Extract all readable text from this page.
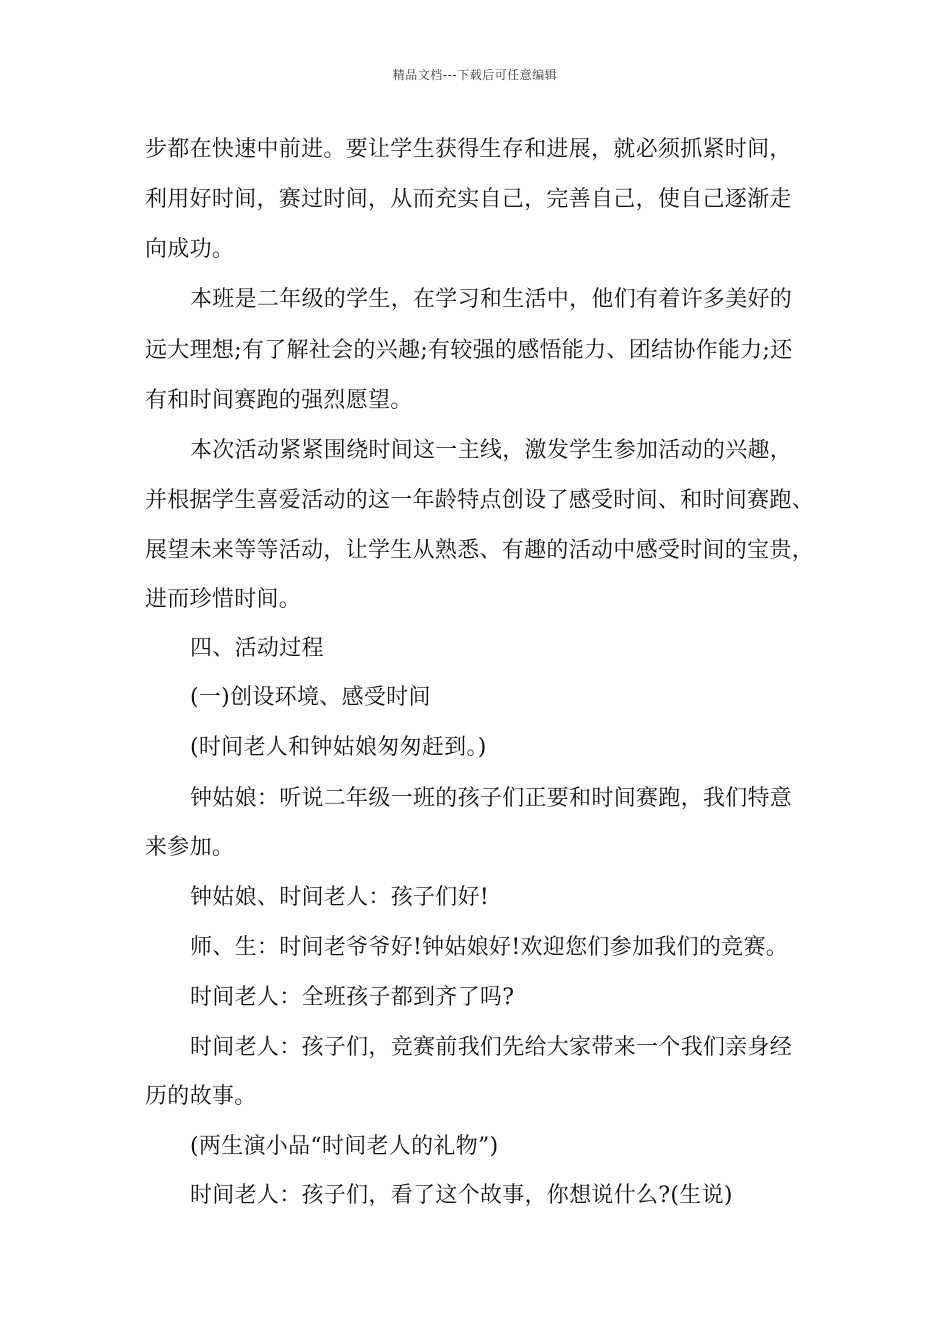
精品文档---下载后可任意编辑
步都在快速中前进。要让学生获得生存和进展，就必须抓紧时间，
利用好时间，赛过时间，从而充实自己，完善自己，使自己逐渐走
向成功。
本班是二年级的学生，在学习和生活中，他们有着许多美好的
远大理想;有了解社会的兴趣;有较强的感悟能力、团结协作能力;还
有和时间赛跑的强烈愿望。
本次活动紧紧围绕时间这一主线，激发学生参加活动的兴趣，
并根据学生喜爱活动的这一年龄特点创设了感受时间、和时间赛跑、
展望未来等等活动，让学生从熟悉、有趣的活动中感受时间的宝贵，
进而珍惜时间。
四、活动过程
(一)创设环境、感受时间
(时间老人和钟姑娘匆匆赶到。)
钟姑娘：听说二年级一班的孩子们正要和时间赛跑，我们特意
来参加。
钟姑娘、时间老人：孩子们好!
师、生：时间老爷爷好!钟姑娘好!欢迎您们参加我们的竞赛。
时间老人：全班孩子都到齐了吗?
时间老人：孩子们，竞赛前我们先给大家带来一个我们亲身经
历的故事。
(两生演小品“时间老人的礼物”)
时间老人：孩子们，看了这个故事，你想说什么?(生说)
